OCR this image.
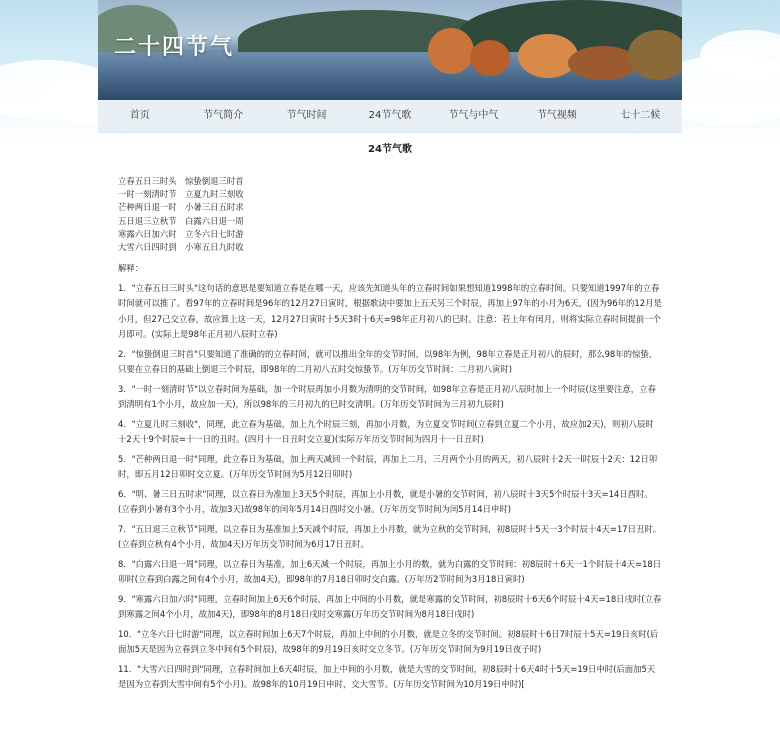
二十四节气
首页	节气简介	节气时间	24节气歌	节气与中气	节气视频	七十二候
24节气歌
立春五日三时头　惊蛰倒退三时首
一时一刻清时节　立夏九时三刻收
芒种两日退一时　小暑三日五时求
五日退三立秋节　白露六日退一周
寒露六日加六时　立冬六日七时游
大雪六日四时到　小寒五日九时收
解释：
1．"立春五日三时头"这句话的意思是要知道立春是在哪一天，应该先知道头年的立春时间如果想知道1998年的立春时间。只要知道1997年的立春时间就可以推了。看97年的立春时间是96年的12月27日寅时，根据歌诀中要加上五天另三个时辰，再加上97年的小月为6天，(因为96年的12月是小月，但27己交立春，故应算上这一天，12月27日寅时十5天3时十6天=98年正月初八的巳时。注意：若上年有闰月，则将实际立春时间提前一个月即可。(实际上是98年正月初八辰时立春)
2．"惊蛰倒退三时首"只要知道了准确的的立春时间，就可以推出全年的交节时间，以98年为例，98年立春是正月初八的辰时，那么98年的惊蛰，只要在立春日的基础上倒退三个时辰，即98年的二月初八五时交惊蛰节。(万年历交节时间：二月初八寅时)
3．"一时一刻清时节"以立春时间为基础，加一个时辰再加小月数为清明的交节时间，如98年立春是正月初八辰时加上一个时辰(这里要注意，立春到清明有1个小月，故应加一天)，所以98年的三月初九的巳时交清明。(万年历交节时间为三月初九辰时)
4．"立夏儿时三刻收"，同理，此立春为基础，加上九个时辰三刻，再加小月数，为立夏交节时间(立春到立夏二个小月，故应加2天)，则初八辰时十2天十9个时辰=十一日的丑时。(四月十一日丑时交立夏)(实际万年历交节时间为四月十一日丑时)
5．"芒种两日退一时"同理，此立春日为基础，加上两天减回一个时辰，再加上二月，三月两个小月的两天，初八辰时十2天一l时辰十2天：12日卯时，即五月12日卯时交立夏。(万年历交节时间为5月12日卯时)
6．"明、暑三日五时求"同理，以立春日为准加上3天5个时辰，再加上小月数，就是小暑的交节时间，初八辰时十3天5个时辰十3天=14日酉时。(立春到小暑有3个小月，故加3天)故98年的闰年5月14日酉时交小暑。(万年历交节时间为闰5月14日申时)
7．"五日退三立秋节"同理，以立春日为基准加上5天减个时辰，再加上小月数，就为立秋的交节时间，初8辰时十5天一3个时辰十4天=17日丑时。(立春到立秋有4个小月，故加4天)万年历交节时间为6月17日丑时。
8．"白露六日退一周"同理，以立春日为基准，加上6天减一个时辰，再加上小月的数，就为白露的交节时间：初8辰时＋6天一1个时辰十4天=18日卯时(立春到白露之间有4个小月，故加4天)，即98年的7月18日卯时交白露。(万年历2节时间为3月18日寅时)
9．"寒露六日加六时"同理，立春时间加上6天6个时辰，再加上中间的小月数，就是寒露的交节时间，初8辰时十6天6个时辰十4天=18日戌时(立春到寒露之间4个小月，故加4天)，即98年的8月18日戌时交寒露(万年历交节时间为8月18日戌时)
10．"立冬六日七时游"同理，以立春时间加上6天7个时辰，再加上中间的小月数，就是立冬的交节时间。初8辰时十6日7时辰十5天=19日亥时(后面加5天是因为立春到立冬中间有5个时辰)，故98年的9月19日亥时交立冬节。(万年历交节时间为9月19日夜子时)
11．"大雪六日四时到"同理，立春时间加上6天4时辰，加上中间的小月数，就是大雪的交节时间，初8辰时十6天4时十5天=19日申时(后面加5天是因为立春到大雪中间有5个小月)。故98年的10月19日申时，交大雪节。(万年历交节时间为10月19日申时)[
